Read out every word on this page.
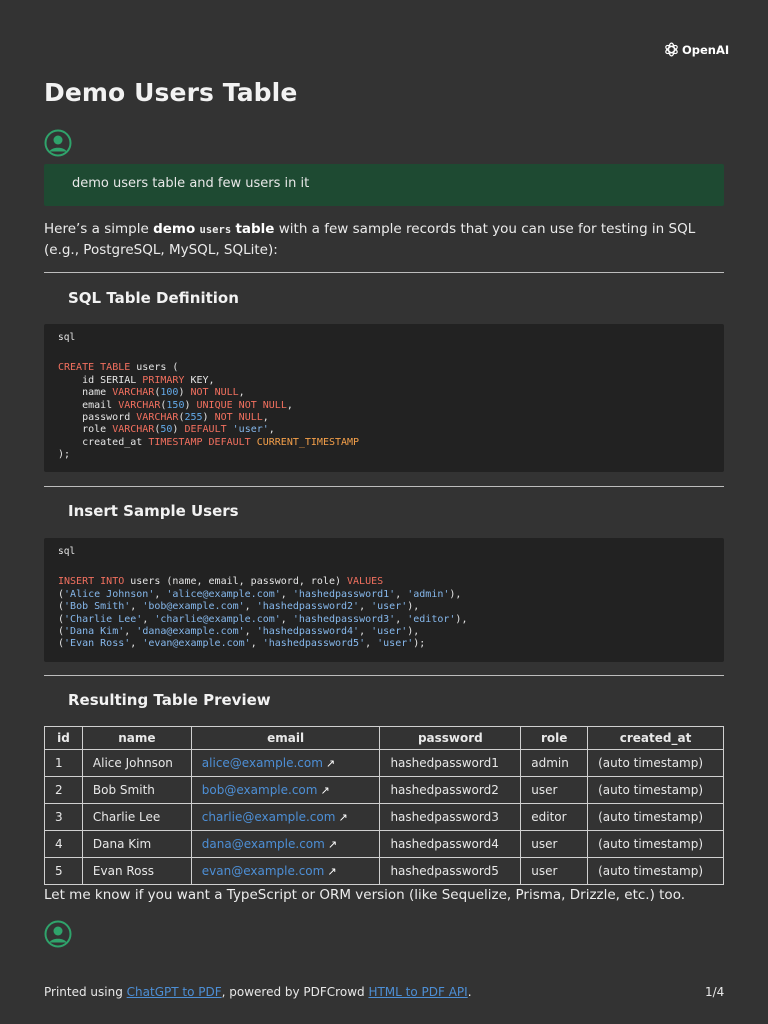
OpenAI
Demo Users Table
demo users table and few users in it

Here’s a simple demo users table with a few sample records that you can use for testing in SQL (e.g., PostgreSQL, MySQL, SQLite):

SQL Table Definition
sql
CREATE TABLE users (
id SERIAL PRIMARY KEY,
name VARCHAR(100) NOT NULL,
email VARCHAR(150) UNIQUE NOT NULL,
password VARCHAR(255) NOT NULL,
role VARCHAR(50) DEFAULT 'user',
created_at TIMESTAMP DEFAULT CURRENT_TIMESTAMP
);
Insert Sample Users
sql
INSERT INTO users (name, email, password, role) VALUES
('Alice Johnson', 'alice@example.com', 'hashedpassword1', 'admin'),
('Bob Smith', 'bob@example.com', 'hashedpassword2', 'user'),
('Charlie Lee', 'charlie@example.com', 'hashedpassword3', 'editor'),
('Dana Kim', 'dana@example.com', 'hashedpassword4', 'user'),
('Evan Ross', 'evan@example.com', 'hashedpassword5', 'user');
Resulting Table Preview
id	name	email	password	role	created_at
1	Alice Johnson	alice@example.com ↗	hashedpassword1	admin	(auto timestamp)
2	Bob Smith	bob@example.com ↗	hashedpassword2	user	(auto timestamp)
3	Charlie Lee	charlie@example.com ↗	hashedpassword3	editor	(auto timestamp)
4	Dana Kim	dana@example.com ↗	hashedpassword4	user	(auto timestamp)
5	Evan Ross	evan@example.com ↗	hashedpassword5	user	(auto timestamp)

Let me know if you want a TypeScript or ORM version (like Sequelize, Prisma, Drizzle, etc.) too.

Printed using ChatGPT to PDF, powered by PDFCrowd HTML to PDF API.	1/4
